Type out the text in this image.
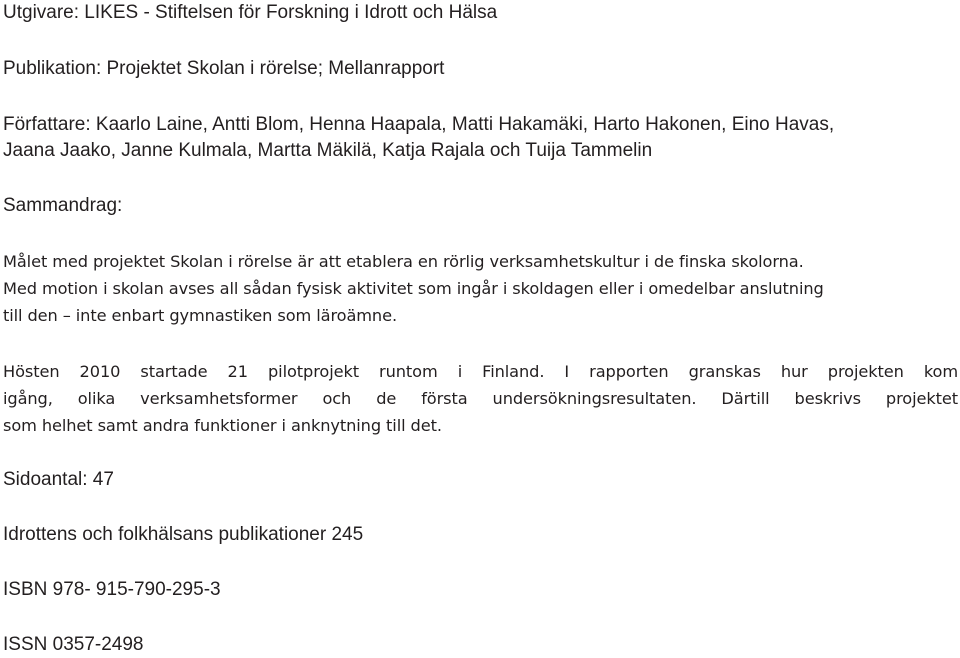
Utgivare: LIKES - Stiftelsen för Forskning i Idrott och Hälsa
Publikation: Projektet Skolan i rörelse; Mellanrapport
Författare: Kaarlo Laine, Antti Blom, Henna Haapala, Matti Hakamäki, Harto Hakonen, Eino Havas,
Jaana Jaako, Janne Kulmala, Martta Mäkilä, Katja Rajala och Tuija Tammelin
Sammandrag:

Målet med projektet Skolan i rörelse är att etablera en rörlig verksamhetskultur i de finska skolorna.

Med motion i skolan avses all sådan fysisk aktivitet som ingår i skoldagen eller i omedelbar anslutning

till den – inte enbart gymnastiken som läroämne.

Hösten 2010 startade 21 pilotprojekt runtom i Finland. I rapporten granskas hur projekten kom

igång, olika verksamhetsformer och de första undersökningsresultaten. Därtill beskrivs projektet

som helhet samt andra funktioner i anknytning till det.

Sidoantal: 47
Idrottens och folkhälsans publikationer 245
ISBN 978- 915-790-295-3
ISSN 0357-2498
